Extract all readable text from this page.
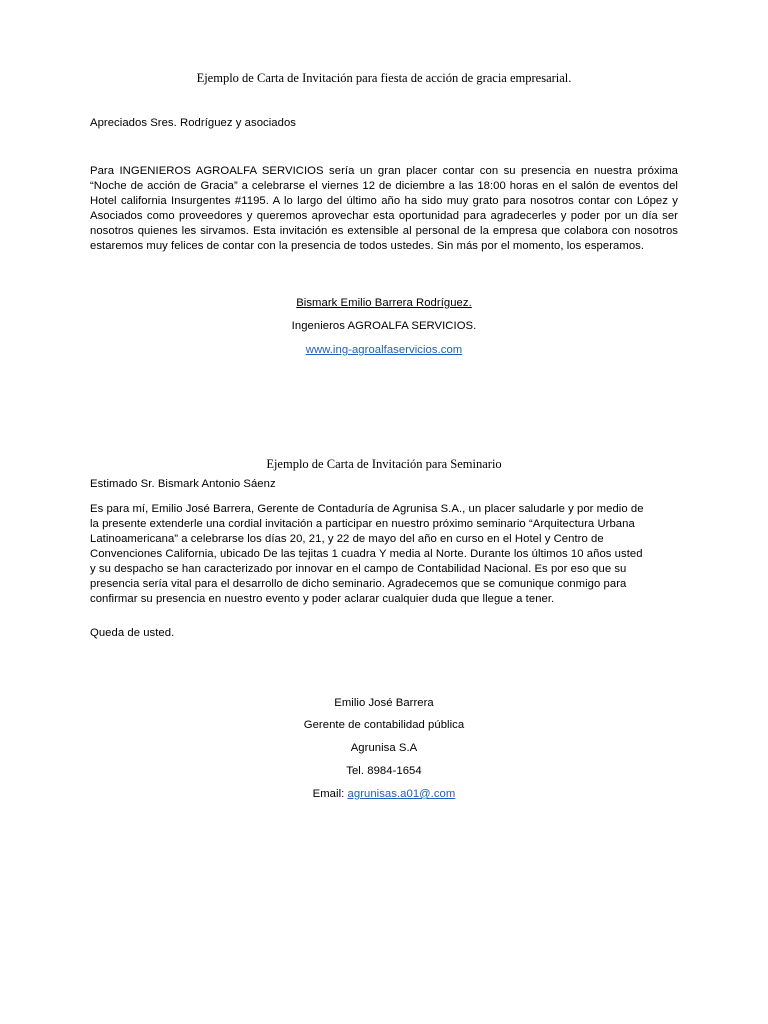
Ejemplo de Carta de Invitación para fiesta de acción de gracia empresarial.
Apreciados Sres. Rodríguez y asociados
Para INGENIEROS AGROALFA SERVICIOS sería un gran placer contar con su presencia en nuestra próxima “Noche de acción de Gracia” a celebrarse el viernes 12 de diciembre a las 18:00 horas en el salón de eventos del Hotel california Insurgentes #1195. A lo largo del último año ha sido muy grato para nosotros contar con López y Asociados como proveedores y queremos aprovechar esta oportunidad para agradecerles y poder por un día ser nosotros quienes les sirvamos. Esta invitación es extensible al personal de la empresa que colabora con nosotros estaremos muy felices de contar con la presencia de todos ustedes. Sin más por el momento, los esperamos.
Bismark Emilio Barrera Rodríguez.
Ingenieros AGROALFA SERVICIOS.
www.ing-agroalfaservicios.com
Ejemplo de Carta de Invitación para Seminario
Estimado Sr. Bismark Antonio Sáenz
Es para mí, Emilio José Barrera, Gerente de Contaduría de Agrunisa S.A., un placer saludarle y por medio de la presente extenderle una cordial invitación a participar en nuestro próximo seminario “Arquitectura Urbana Latinoamericana” a celebrarse los días 20, 21, y 22 de mayo del año en curso en el Hotel y Centro de Convenciones California, ubicado De las tejitas 1 cuadra Y media al Norte. Durante los últimos 10 años usted y su despacho se han caracterizado por innovar en el campo de Contabilidad Nacional. Es por eso que su presencia sería vital para el desarrollo de dicho seminario. Agradecemos que se comunique conmigo para confirmar su presencia en nuestro evento y poder aclarar cualquier duda que llegue a tener.
Queda de usted.
Emilio José Barrera
Gerente de contabilidad pública
Agrunisa S.A
Tel. 8984-1654
Email: agrunisas.a01@.com
